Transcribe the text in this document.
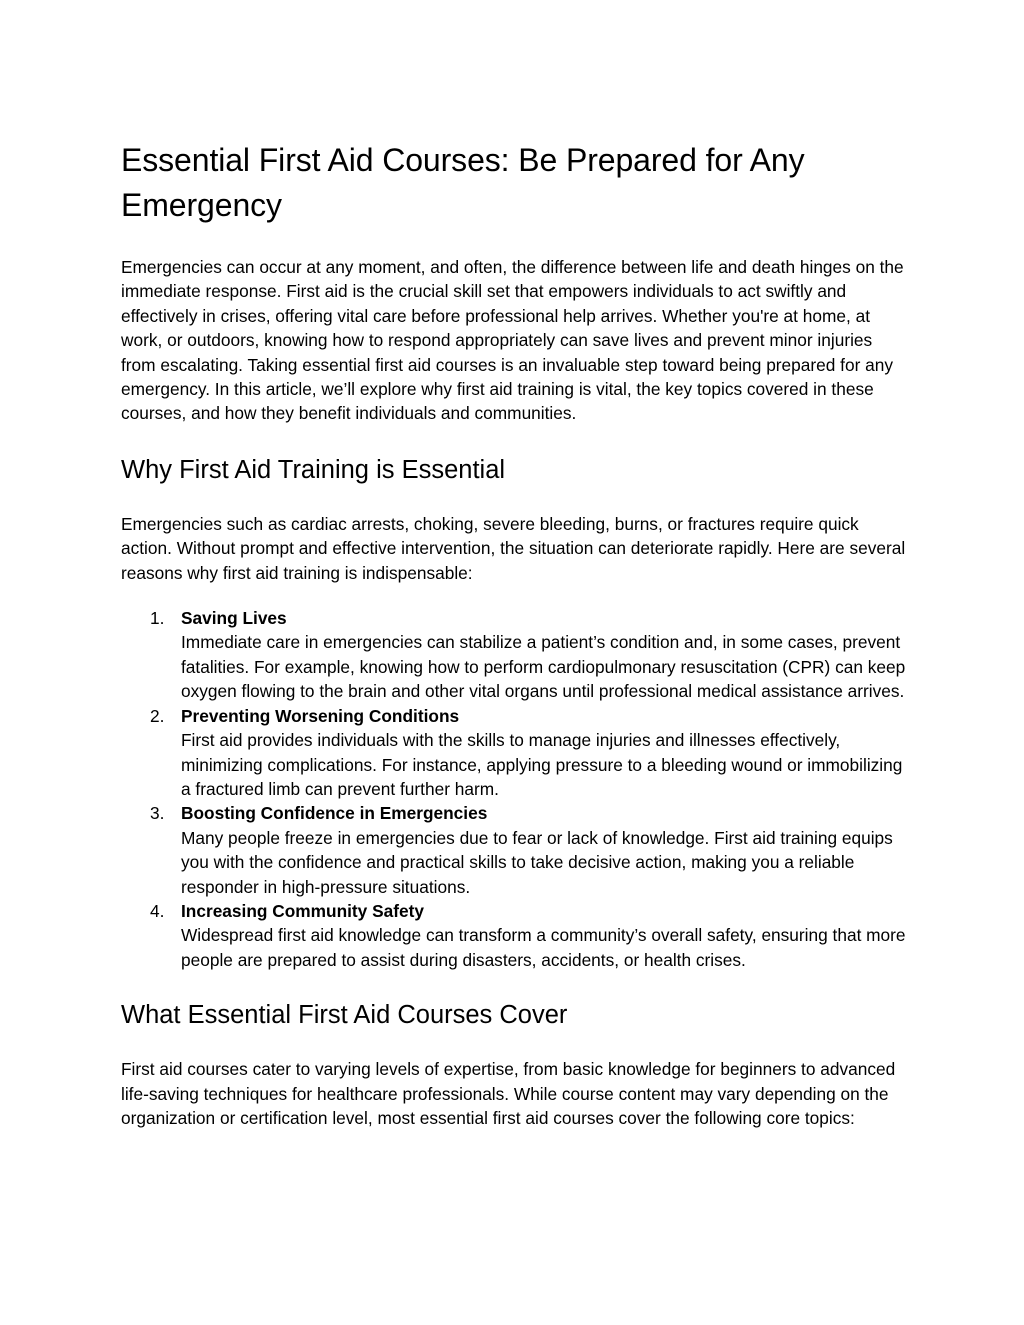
Essential First Aid Courses: Be Prepared for Any Emergency

Emergencies can occur at any moment, and often, the difference between life and death hinges on the immediate response. First aid is the crucial skill set that empowers individuals to act swiftly and effectively in crises, offering vital care before professional help arrives. Whether you're at home, at work, or outdoors, knowing how to respond appropriately can save lives and prevent minor injuries from escalating. Taking essential first aid courses is an invaluable step toward being prepared for any emergency. In this article, we’ll explore why first aid training is vital, the key topics covered in these courses, and how they benefit individuals and communities.

Why First Aid Training is Essential

Emergencies such as cardiac arrests, choking, severe bleeding, burns, or fractures require quick action. Without prompt and effective intervention, the situation can deteriorate rapidly. Here are several reasons why first aid training is indispensable:

1. Saving Lives
Immediate care in emergencies can stabilize a patient’s condition and, in some cases, prevent fatalities. For example, knowing how to perform cardiopulmonary resuscitation (CPR) can keep oxygen flowing to the brain and other vital organs until professional medical assistance arrives.
2. Preventing Worsening Conditions
First aid provides individuals with the skills to manage injuries and illnesses effectively, minimizing complications. For instance, applying pressure to a bleeding wound or immobilizing a fractured limb can prevent further harm.
3. Boosting Confidence in Emergencies
Many people freeze in emergencies due to fear or lack of knowledge. First aid training equips you with the confidence and practical skills to take decisive action, making you a reliable responder in high-pressure situations.
4. Increasing Community Safety
Widespread first aid knowledge can transform a community’s overall safety, ensuring that more people are prepared to assist during disasters, accidents, or health crises.
What Essential First Aid Courses Cover

First aid courses cater to varying levels of expertise, from basic knowledge for beginners to advanced life-saving techniques for healthcare professionals. While course content may vary depending on the organization or certification level, most essential first aid courses cover the following core topics:
